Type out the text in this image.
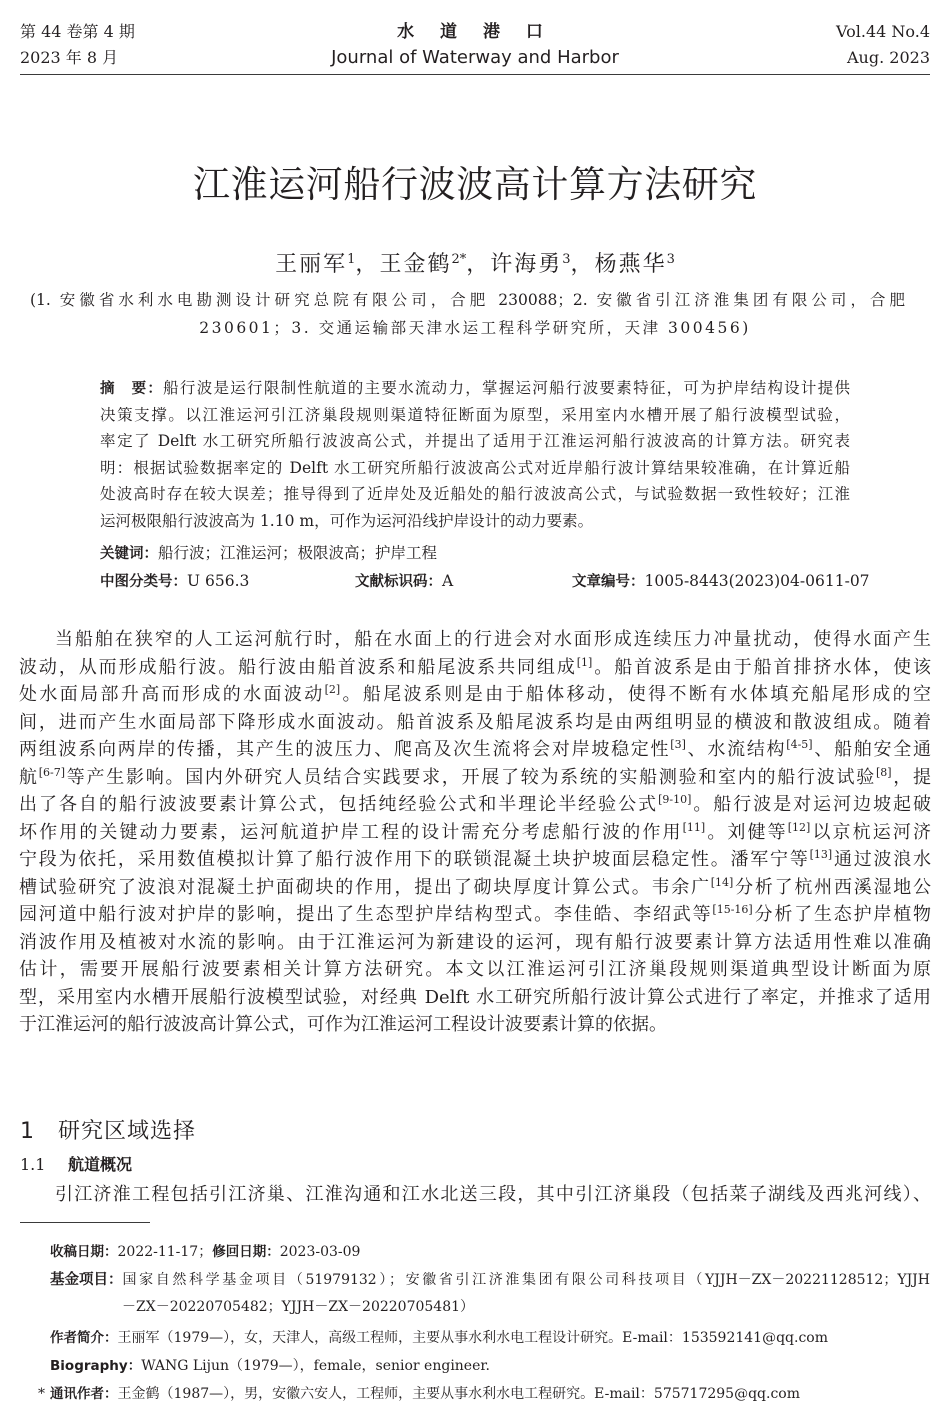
第 44 卷第 4 期
2023 年 8 月
水 道 港 口
Journal of Waterway and Harbor
Vol.44 No.4
Aug. 2023
江淮运河船行波波高计算方法研究
王丽军$^1$，王金鹤$^{2*}$，许海勇$^3$，杨燕华$^3$
(1. 安徽省水利水电勘测设计研究总院有限公司，合肥 230088；2. 安徽省引江济淮集团有限公司，合肥
230601；3. 交通运输部天津水运工程科学研究所，天津 300456)
摘　要：船行波是运行限制性航道的主要水流动力，掌握运河船行波要素特征，可为护岸结构设计提供
决策支撑。以江淮运河引江济巢段规则渠道特征断面为原型，采用室内水槽开展了船行波模型试验，
率定了 Delft 水工研究所船行波波高公式，并提出了适用于江淮运河船行波波高的计算方法。研究表
明：根据试验数据率定的 Delft 水工研究所船行波波高公式对近岸船行波计算结果较准确，在计算近船
处波高时存在较大误差；推导得到了近岸处及近船处的船行波波高公式，与试验数据一致性较好；江淮
运河极限船行波波高为 1.10 m，可作为运河沿线护岸设计的动力要素。
关键词：船行波；江淮运河；极限波高；护岸工程
中图分类号：U 656.3	文献标识码：A	文章编号：1005-8443(2023)04-0611-07
当船舶在狭窄的人工运河航行时，船在水面上的行进会对水面形成连续压力冲量扰动，使得水面产生
波动，从而形成船行波。船行波由船首波系和船尾波系共同组成[1]。船首波系是由于船首排挤水体，使该
处水面局部升高而形成的水面波动[2]。船尾波系则是由于船体移动，使得不断有水体填充船尾形成的空
间，进而产生水面局部下降形成水面波动。船首波系及船尾波系均是由两组明显的横波和散波组成。随着
两组波系向两岸的传播，其产生的波压力、爬高及次生流将会对岸坡稳定性[3]、水流结构[4-5]、船舶安全通
航[6-7]等产生影响。国内外研究人员结合实践要求，开展了较为系统的实船测验和室内的船行波试验[8]，提
出了各自的船行波波要素计算公式，包括纯经验公式和半理论半经验公式[9-10]。船行波是对运河边坡起破
坏作用的关键动力要素，运河航道护岸工程的设计需充分考虑船行波的作用[11]。刘健等[12]以京杭运河济
宁段为依托，采用数值模拟计算了船行波作用下的联锁混凝土块护坡面层稳定性。潘军宁等[13]通过波浪水
槽试验研究了波浪对混凝土护面砌块的作用，提出了砌块厚度计算公式。韦余广[14]分析了杭州西溪湿地公
园河道中船行波对护岸的影响，提出了生态型护岸结构型式。李佳皓、李绍武等[15-16]分析了生态护岸植物
消波作用及植被对水流的影响。由于江淮运河为新建设的运河，现有船行波要素计算方法适用性难以准确
估计，需要开展船行波要素相关计算方法研究。本文以江淮运河引江济巢段规则渠道典型设计断面为原
型，采用室内水槽开展船行波模型试验，对经典 Delft 水工研究所船行波计算公式进行了率定，并推求了适用
于江淮运河的船行波波高计算公式，可作为江淮运河工程设计波要素计算的依据。
1 研究区域选择
1.1 航道概况
引江济淮工程包括引江济巢、江淮沟通和江水北送三段，其中引江济巢段（包括菜子湖线及西兆河线）、
收稿日期：2022-11-17；修回日期：2023-03-09
基金项目： 国家自然科学基金项目（51979132）；安徽省引江济淮集团有限公司科技项目（YJJH－ZX－20221128512；YJJH
－ZX－20220705482；YJJH－ZX－20220705481）
作者简介：王丽军（1979—），女，天津人，高级工程师，主要从事水利水电工程设计研究。E-mail：153592141@qq.com
Biography：WANG Lijun（1979—），female，senior engineer.
* 通讯作者：王金鹤（1987—），男，安徽六安人，工程师，主要从事水利水电工程研究。E-mail：575717295@qq.com
